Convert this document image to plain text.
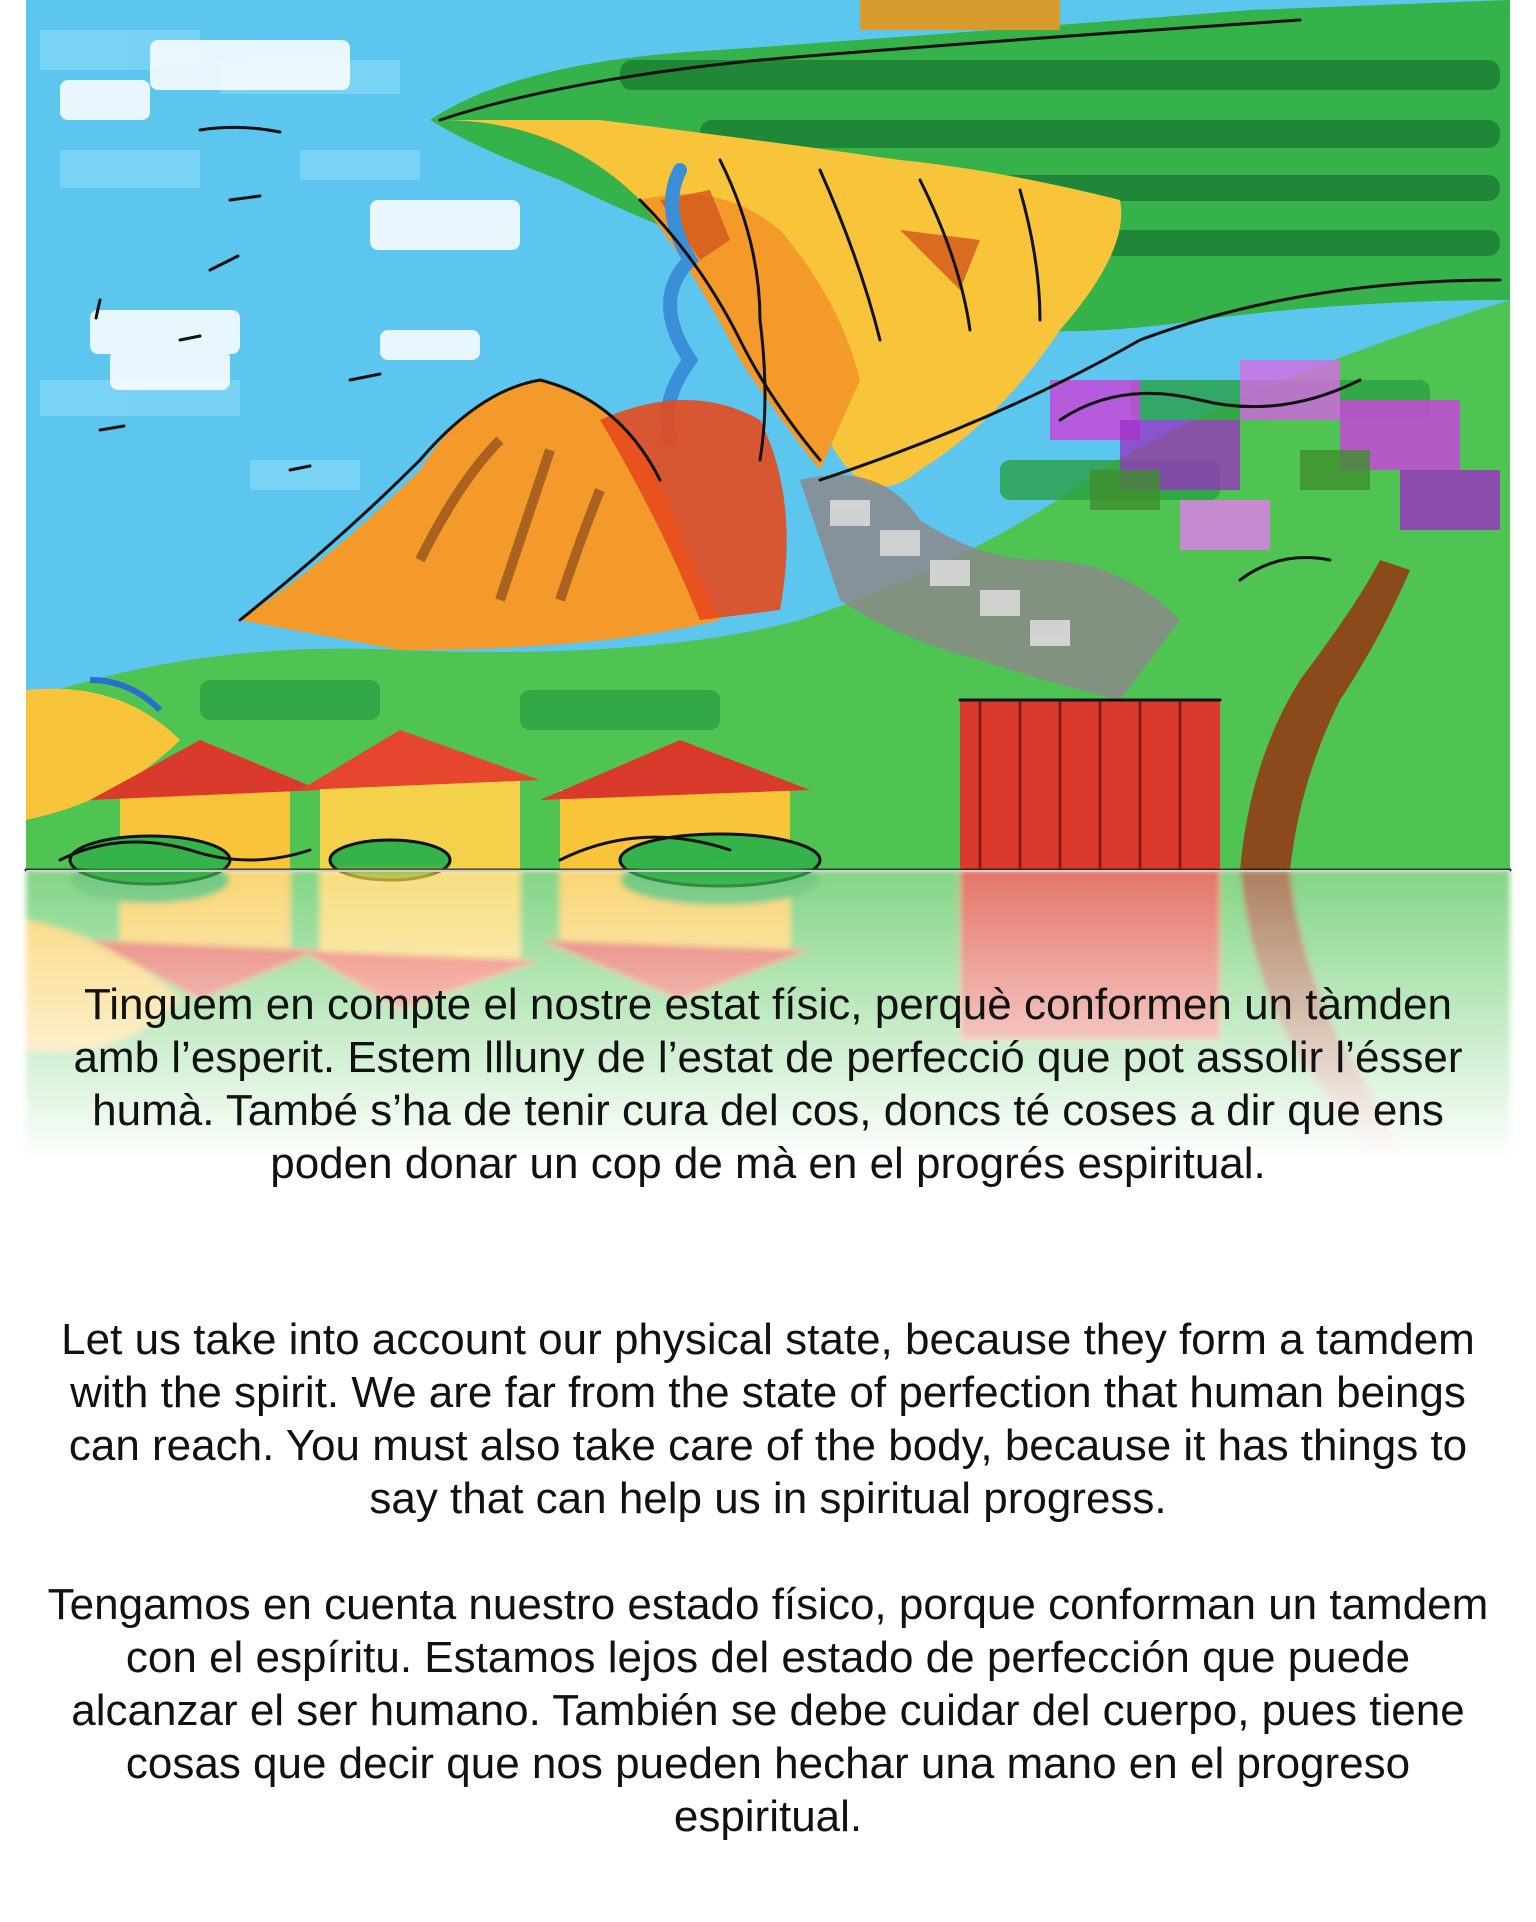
Tinguem en compte el nostre estat físic, perquè conformen un tàmden amb l’esperit. Estem llluny de l’estat de perfecció que pot assolir l’ésser humà. També s’ha de tenir cura del cos, doncs té coses a dir que ens poden donar un cop de mà en el progrés espiritual.

Let us take into account our physical state, because they form a tamdem with the spirit. We are far from the state of perfection that human beings can reach. You must also take care of the body, because it has things to say that can help us in spiritual progress.

Tengamos en cuenta nuestro estado físico, porque conforman un tamdem con el espíritu. Estamos lejos del estado de perfección que puede alcanzar el ser humano. También se debe cuidar del cuerpo, pues tiene cosas que decir que nos pueden hechar una mano en el progreso espiritual.
